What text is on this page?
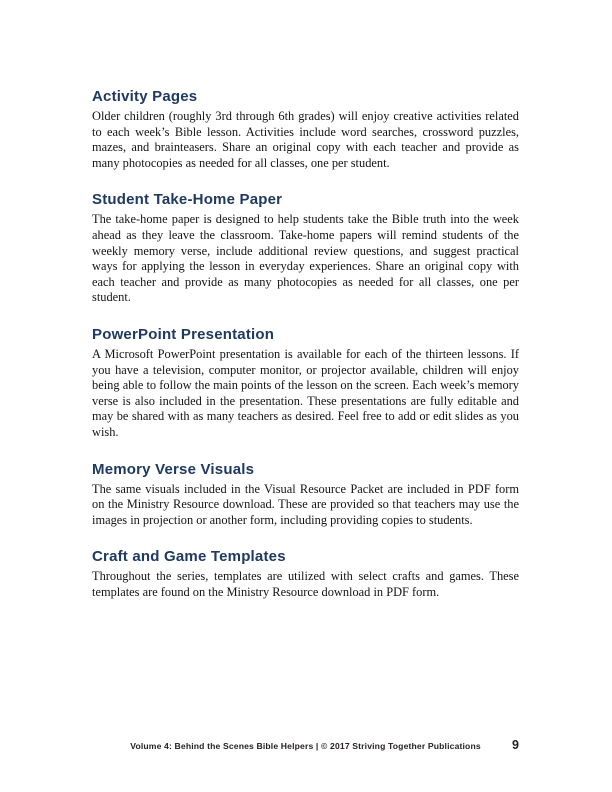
Activity Pages

Older children (roughly 3rd through 6th grades) will enjoy creative activities related to each week’s Bible lesson. Activities include word searches, crossword puzzles, mazes, and brainteasers. Share an original copy with each teacher and provide as many photocopies as needed for all classes, one per student.

Student Take-Home Paper

The take-home paper is designed to help students take the Bible truth into the week ahead as they leave the classroom. Take-home papers will remind students of the weekly memory verse, include additional review questions, and suggest practical ways for applying the lesson in everyday experiences. Share an original copy with each teacher and provide as many photocopies as needed for all classes, one per student.

PowerPoint Presentation

A Microsoft PowerPoint presentation is available for each of the thirteen lessons. If you have a television, computer monitor, or projector available, children will enjoy being able to follow the main points of the lesson on the screen. Each week’s memory verse is also included in the presentation. These presentations are fully editable and may be shared with as many teachers as desired. Feel free to add or edit slides as you wish.

Memory Verse Visuals

The same visuals included in the Visual Resource Packet are included in PDF form on the Ministry Resource download. These are provided so that teachers may use the images in projection or another form, including providing copies to students.

Craft and Game Templates

Throughout the series, templates are utilized with select crafts and games. These templates are found on the Ministry Resource download in PDF form.

Volume 4: Behind the Scenes Bible Helpers | © 2017 Striving Together Publications	9
